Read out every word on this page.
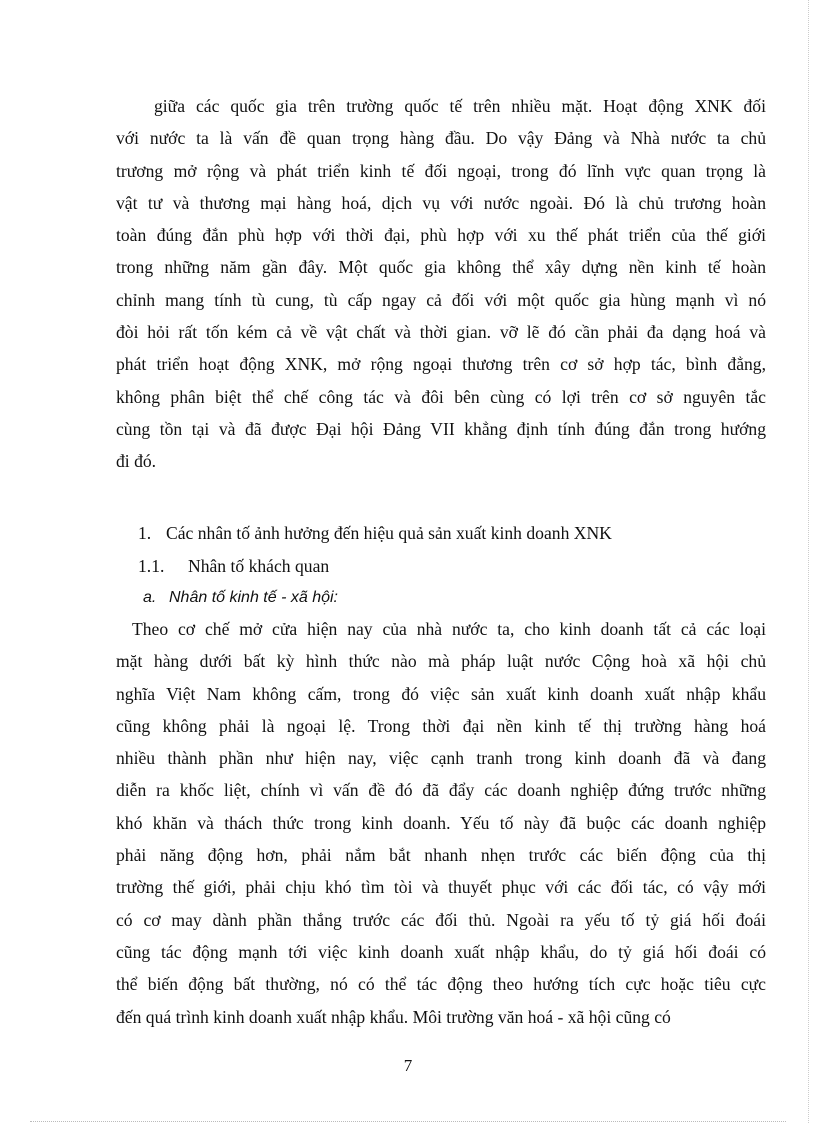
giữa các quốc gia trên trường quốc tế trên nhiều mặt. Hoạt động XNK đối
với nước ta là vấn đề quan trọng hàng đầu. Do vậy Đảng và Nhà nước ta chủ
trương mở rộng và phát triển kinh tế đối ngoại, trong đó lĩnh vực quan trọng là
vật tư và thương mại hàng hoá, dịch vụ với nước ngoài. Đó là chủ trương hoàn
toàn đúng đắn phù hợp với thời đại, phù hợp với xu thế phát triển của thế giới
trong những năm gần đây. Một quốc gia không thể xây dựng nền kinh tế hoàn
chỉnh mang tính tù cung, tù cấp ngay cả đối với một quốc gia hùng mạnh vì nó
đòi hỏi rất tốn kém cả về vật chất và thời gian. vỡ lẽ đó cần phải đa dạng hoá và
phát triển hoạt động XNK, mở rộng ngoại thương trên cơ sở hợp tác, bình đẳng,
không phân biệt thể chế công tác và đôi bên cùng có lợi trên cơ sở nguyên tắc
cùng tồn tại và đã được Đại hội Đảng VII khẳng định tính đúng đắn trong hướng
đi đó.
1. Các nhân tố ảnh hưởng đến hiệu quả sản xuất kinh doanh XNK
1.1. Nhân tố khách quan
a. Nhân tố kinh tế - xã hội:
Theo cơ chế mở cửa hiện nay của nhà nước ta, cho kinh doanh tất cả các loại
mặt hàng dưới bất kỳ hình thức nào mà pháp luật nước Cộng hoà xã hội chủ
nghĩa Việt Nam không cấm, trong đó việc sản xuất kinh doanh xuất nhập khẩu
cũng không phải là ngoại lệ. Trong thời đại nền kinh tế thị trường hàng hoá
nhiều thành phần như hiện nay, việc cạnh tranh trong kinh doanh đã và đang
diễn ra khốc liệt, chính vì vấn đề đó đã đẩy các doanh nghiệp đứng trước những
khó khăn và thách thức trong kinh doanh. Yếu tố này đã buộc các doanh nghiệp
phải năng động hơn, phải nắm bắt nhanh nhẹn trước các biến động của thị
trường thế giới, phải chịu khó tìm tòi và thuyết phục với các đối tác, có vậy mới
có cơ may dành phần thắng trước các đối thủ. Ngoài ra yếu tố tỷ giá hối đoái
cũng tác động mạnh tới việc kinh doanh xuất nhập khẩu, do tỷ giá hối đoái có
thể biến động bất thường, nó có thể tác động theo hướng tích cực hoặc tiêu cực
đến quá trình kinh doanh xuất nhập khẩu. Môi trường văn hoá - xã hội cũng có
7
